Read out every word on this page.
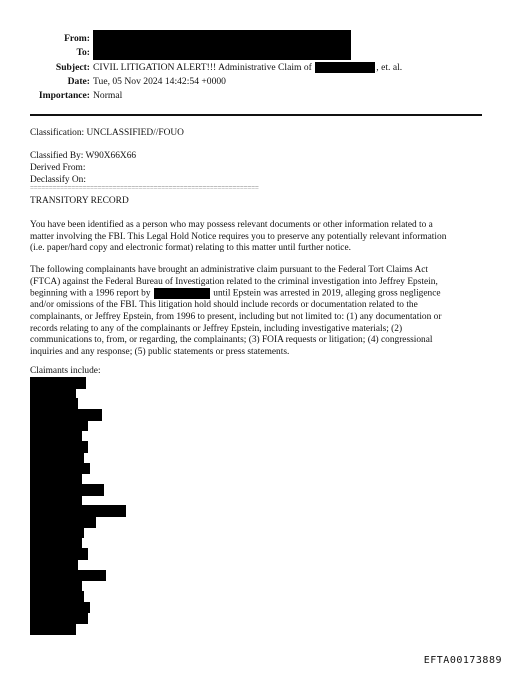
From:
To:
Subject: CIVIL LITIGATION ALERT!!! Administrative Claim of	, et. al.
Date: Tue, 05 Nov 2024 14:42:54 +0000
Importance: Normal
Classification: UNCLASSIFIED//FOUO
Classified By: W90X66X66
Derived From:
Declassify On:
=============================================================
TRANSITORY RECORD
You have been identified as a person who may possess relevant documents or other information related to a
matter involving the FBI. This Legal Hold Notice requires you to preserve any potentially relevant information
(i.e. paper/hard copy and electronic format) relating to this matter until further notice.
The following complainants have brought an administrative claim pursuant to the Federal Tort Claims Act
(FTCA) against the Federal Bureau of Investigation related to the criminal investigation into Jeffrey Epstein,
beginning with a 1996 report by	until Epstein was arrested in 2019, alleging gross negligence
and/or omissions of the FBI. This litigation hold should include records or documentation related to the
complainants, or Jeffrey Epstein, from 1996 to present, including but not limited to: (1) any documentation or
records relating to any of the complainants or Jeffrey Epstein, including investigative materials; (2)
communications to, from, or regarding, the complainants; (3) FOIA requests or litigation; (4) congressional
inquiries and any response; (5) public statements or press statements.
Claimants include:
EFTA00173889
